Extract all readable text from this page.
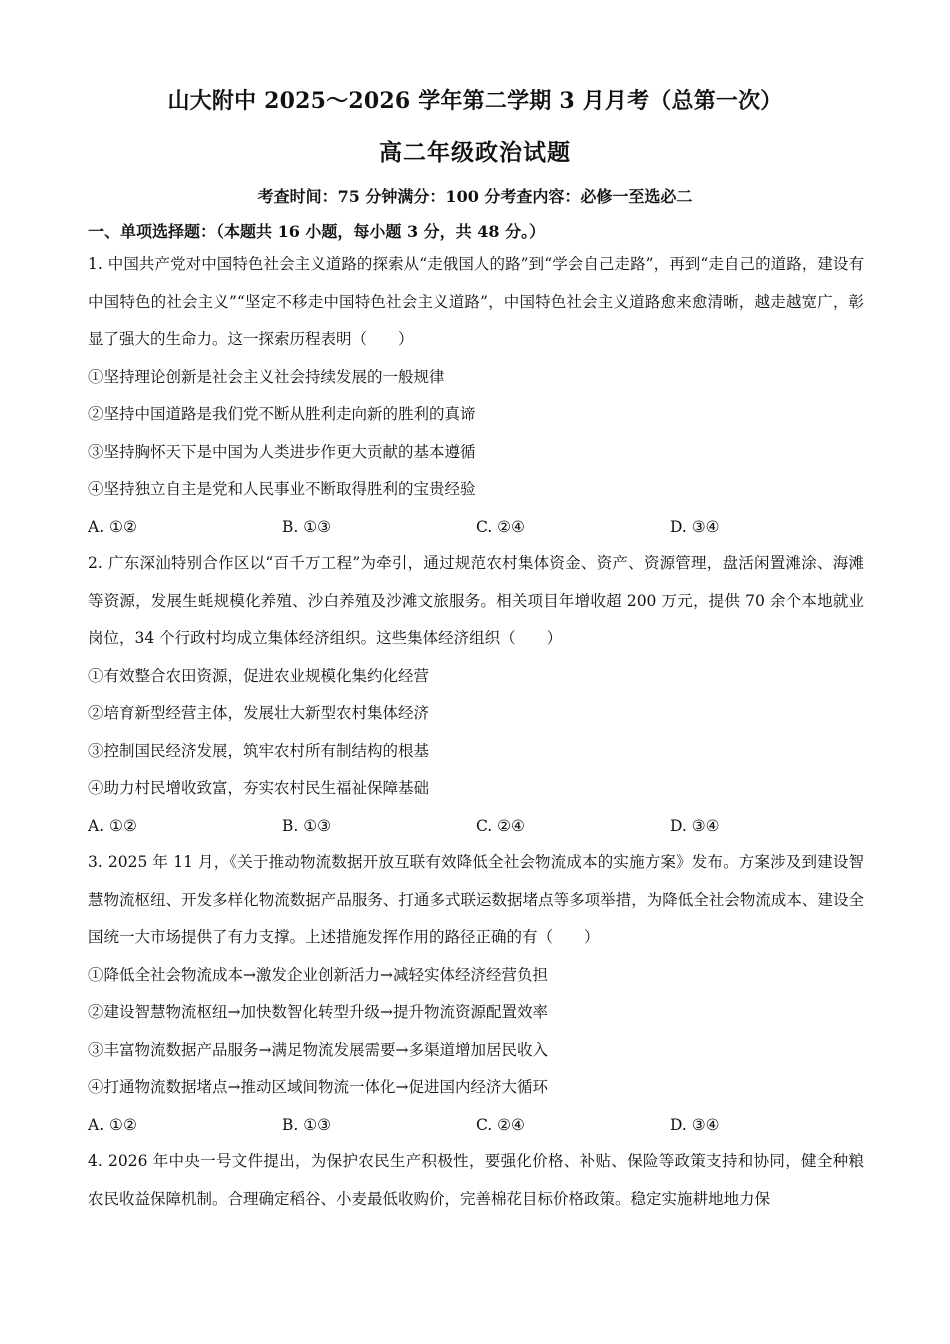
山大附中 2025～2026 学年第二学期 3 月月考（总第一次）
高二年级政治试题
考查时间：75 分钟满分：100 分考查内容：必修一至选必二
一、单项选择题：（本题共 16 小题，每小题 3 分，共 48 分。）

1. 中国共产党对中国特色社会主义道路的探索从“走俄国人的路”到“学会自己走路”，再到“走自己的道路，建设有中国特色的社会主义”“坚定不移走中国特色社会主义道路”，中国特色社会主义道路愈来愈清晰，越走越宽广，彰显了强大的生命力。这一探索历程表明（　　）

①坚持理论创新是社会主义社会持续发展的一般规律
②坚持中国道路是我们党不断从胜利走向新的胜利的真谛
③坚持胸怀天下是中国为人类进步作更大贡献的基本遵循
④坚持独立自主是党和人民事业不断取得胜利的宝贵经验
A. ①②	B. ①③	C. ②④	D. ③④

2. 广东深汕特别合作区以“百千万工程”为牵引，通过规范农村集体资金、资产、资源管理，盘活闲置滩涂、海滩等资源，发展生蚝规模化养殖、沙白养殖及沙滩文旅服务。相关项目年增收超 200 万元，提供 70 余个本地就业岗位，34 个行政村均成立集体经济组织。这些集体经济组织（　　）

①有效整合农田资源，促进农业规模化集约化经营
②培育新型经营主体，发展壮大新型农村集体经济
③控制国民经济发展，筑牢农村所有制结构的根基
④助力村民增收致富，夯实农村民生福祉保障基础
A. ①②	B. ①③	C. ②④	D. ③④

3. 2025 年 11 月，《关于推动物流数据开放互联有效降低全社会物流成本的实施方案》发布。方案涉及到建设智慧物流枢纽、开发多样化物流数据产品服务、打通多式联运数据堵点等多项举措，为降低全社会物流成本、建设全国统一大市场提供了有力支撑。上述措施发挥作用的路径正确的有（　　）

①降低全社会物流成本→激发企业创新活力→减轻实体经济经营负担
②建设智慧物流枢纽→加快数智化转型升级→提升物流资源配置效率
③丰富物流数据产品服务→满足物流发展需要→多渠道增加居民收入
④打通物流数据堵点→推动区域间物流一体化→促进国内经济大循环
A. ①②	B. ①③	C. ②④	D. ③④

4. 2026 年中央一号文件提出，为保护农民生产积极性，要强化价格、补贴、保险等政策支持和协同，健全种粮农民收益保障机制。合理确定稻谷、小麦最低收购价，完善棉花目标价格政策。稳定实施耕地地力保
